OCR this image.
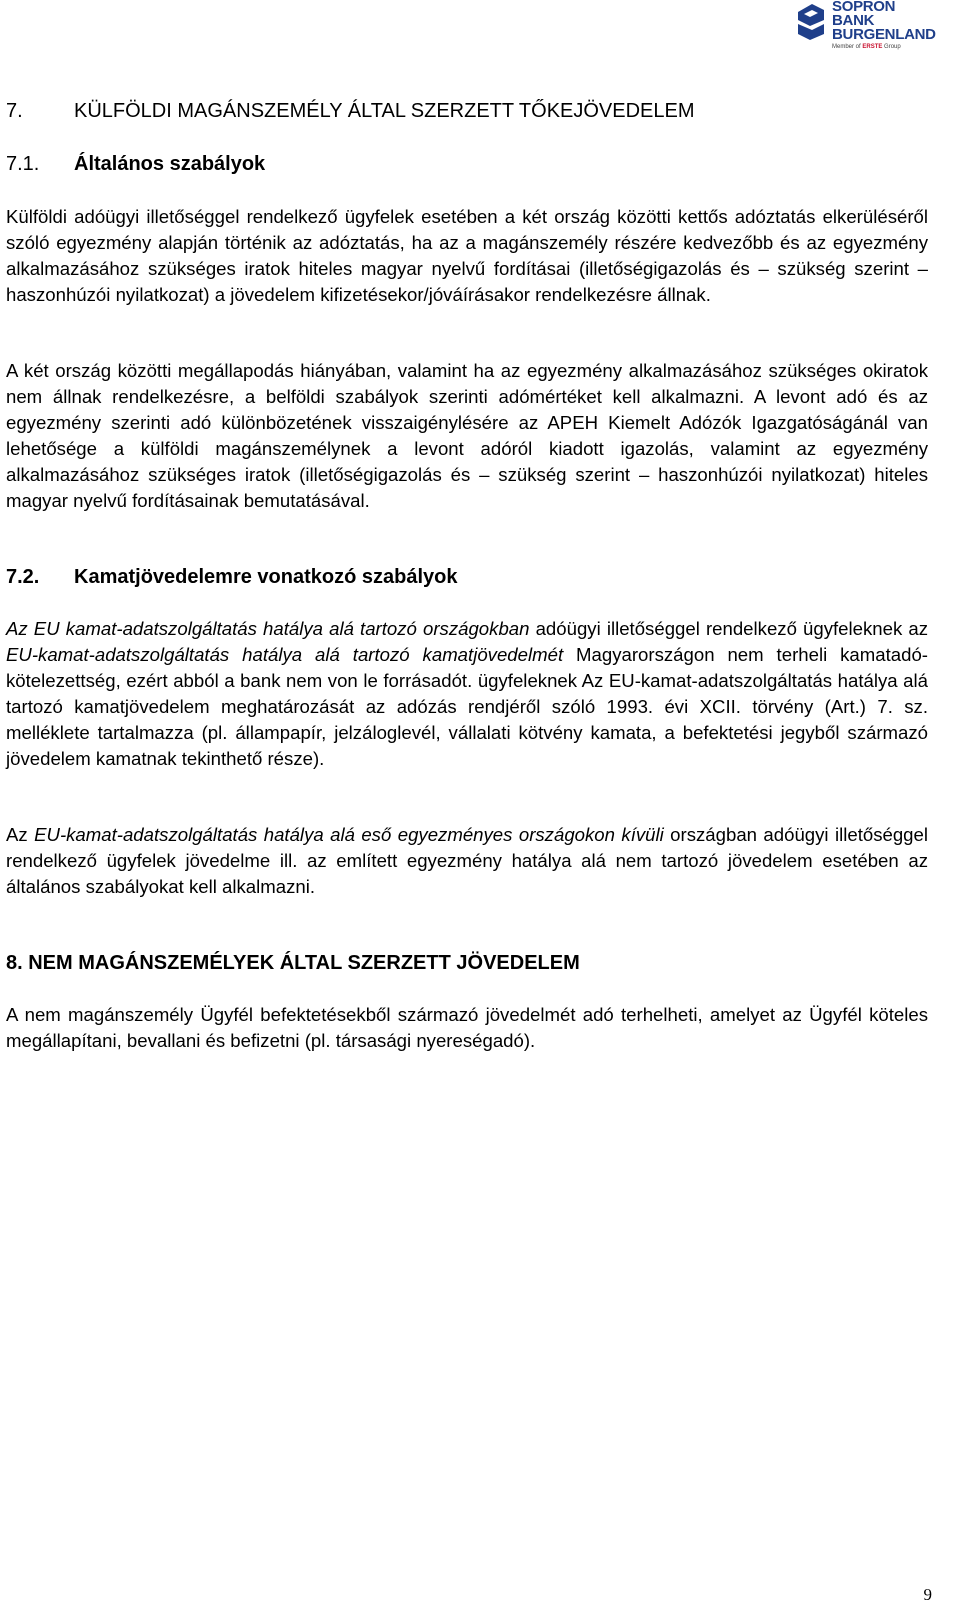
SOPRON
BANK
BURGENLAND
Member of ERSTE Group
7.	KÜLFÖLDI MAGÁNSZEMÉLY ÁLTAL SZERZETT TŐKEJÖVEDELEM
7.1. Általános szabályok

Külföldi adóügyi illetőséggel rendelkező ügyfelek esetében a két ország közötti kettős adóztatás elkerüléséről szóló egyezmény alapján történik az adóztatás, ha az a magánszemély részére kedvezőbb és az egyezmény alkalmazásához szükséges iratok hiteles magyar nyelvű fordításai (illetőségigazolás és – szükség szerint – haszonhúzói nyilatkozat) a jövedelem kifizetésekor/jóváírásakor rendelkezésre állnak.

A két ország közötti megállapodás hiányában, valamint ha az egyezmény alkalmazásához szükséges okiratok nem állnak rendelkezésre, a belföldi szabályok szerinti adómértéket kell alkalmazni. A levont adó és az egyezmény szerinti adó különbözetének visszaigénylésére az APEH Kiemelt Adózók Igazgatóságánál van lehetősége a külföldi magánszemélynek a levont adóról kiadott igazolás, valamint az egyezmény alkalmazásához szükséges iratok (illetőségigazolás és – szükség szerint – haszonhúzói nyilatkozat) hiteles magyar nyelvű fordításainak bemutatásával.

7.2. Kamatjövedelemre vonatkozó szabályok

Az EU kamat-adatszolgáltatás hatálya alá tartozó országokban adóügyi illetőséggel rendelkező ügyfeleknek az EU-kamat-adatszolgáltatás hatálya alá tartozó kamatjövedelmét Magyarországon nem terheli kamatadó-kötelezettség, ezért abból a bank nem von le forrásadót. ügyfeleknek Az EU-kamat-adatszolgáltatás hatálya alá tartozó kamatjövedelem meghatározását az adózás rendjéről szóló 1993. évi XCII. törvény (Art.) 7. sz. melléklete tartalmazza (pl. állampapír, jelzáloglevél, vállalati kötvény kamata, a befektetési jegyből származó jövedelem kamatnak tekinthető része).

Az EU-kamat-adatszolgáltatás hatálya alá eső egyezményes országokon kívüli országban adóügyi illetőséggel rendelkező ügyfelek jövedelme ill. az említett egyezmény hatálya alá nem tartozó jövedelem esetében az általános szabályokat kell alkalmazni.

8. NEM MAGÁNSZEMÉLYEK ÁLTAL SZERZETT JÖVEDELEM

A nem magánszemély Ügyfél befektetésekből származó jövedelmét adó terhelheti, amelyet az Ügyfél köteles megállapítani, bevallani és befizetni (pl. társasági nyereségadó).

9
